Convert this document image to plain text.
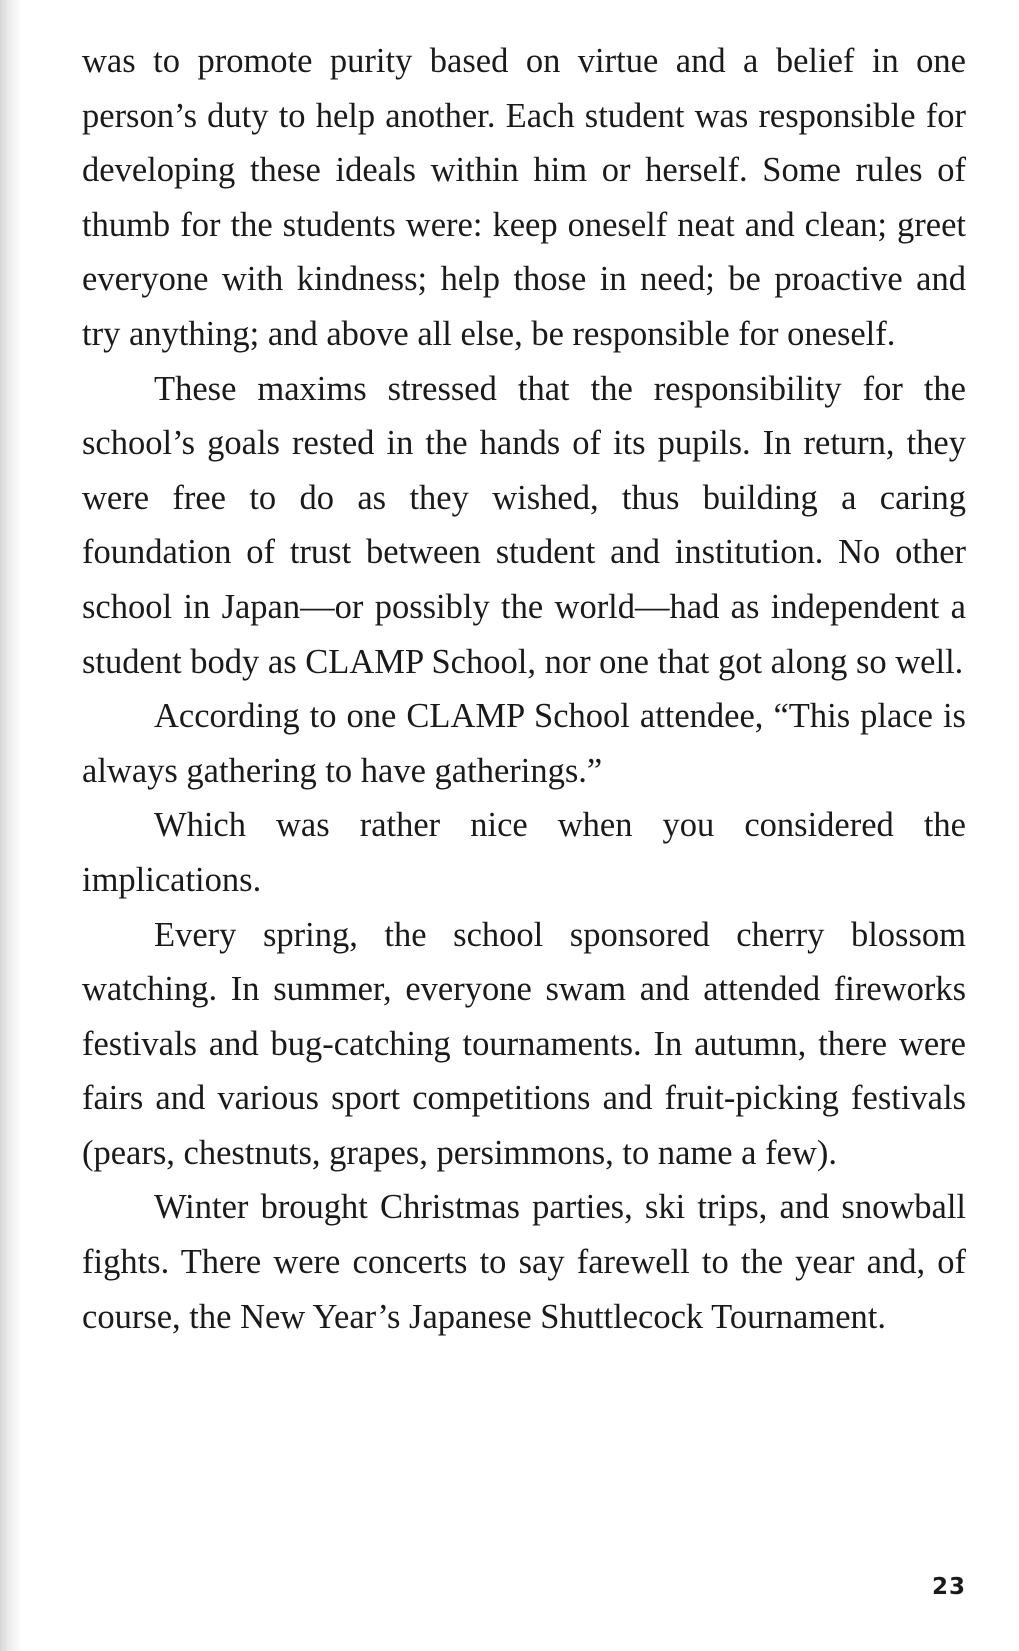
was to promote purity based on virtue and a belief in one person’s duty to help another. Each student was responsible for developing these ideals within him or herself. Some rules of thumb for the students were: keep oneself neat and clean; greet everyone with kindness; help those in need; be proactive and try anything; and above all else, be responsible for oneself.

These maxims stressed that the responsibility for the school’s goals rested in the hands of its pupils. In return, they were free to do as they wished, thus building a caring foundation of trust between student and institution. No other school in Japan—or possibly the world—had as independent a student body as CLAMP School, nor one that got along so well.

According to one CLAMP School attendee, “This place is always gathering to have gatherings.”

Which was rather nice when you considered the implications.

Every spring, the school sponsored cherry blossom watching. In summer, everyone swam and attended fireworks festivals and bug-catching tournaments. In autumn, there were fairs and various sport competitions and fruit-picking festivals (pears, chestnuts, grapes, persimmons, to name a few).

Winter brought Christmas parties, ski trips, and snowball fights. There were concerts to say farewell to the year and, of course, the New Year’s Japanese Shuttlecock Tournament.

23
